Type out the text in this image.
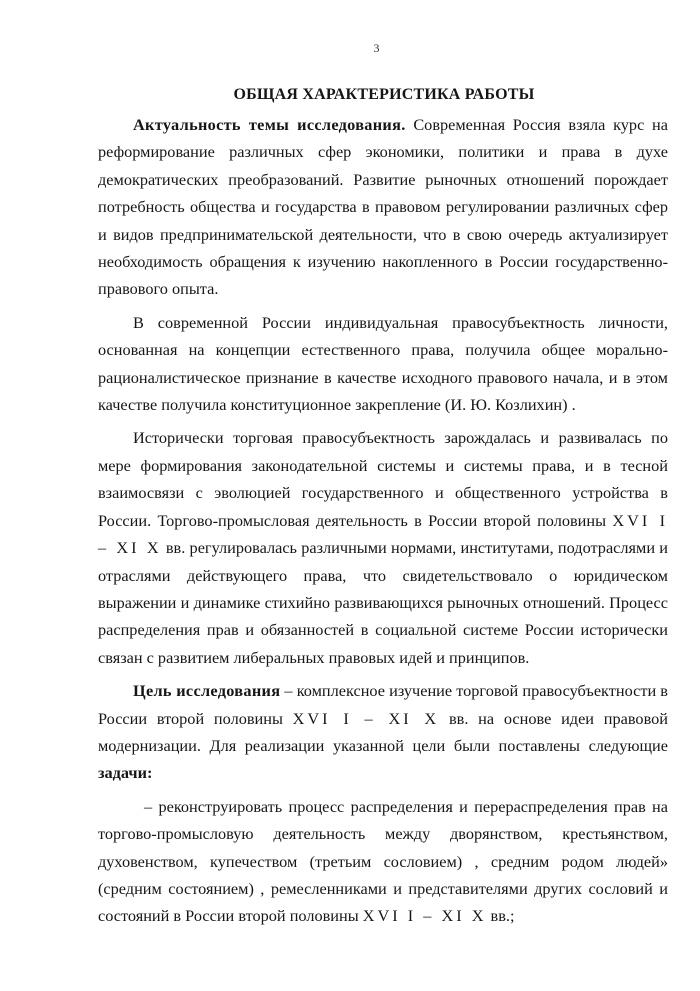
3
ОБЩАЯ ХАРАКТЕРИСТИКА РАБОТЫ

Актуальность темы исследования. Современная Россия взяла курс на реформирование различных сфер экономики, политики и права в духе демократических преобразований. Развитие рыночных отношений порождает потребность общества и государства в правовом регулировании различных сфер и видов предпринимательской деятельности, что в свою очередь актуализирует необходимость обращения к изучению накопленного в России государственно-правового опыта.

В современной России индивидуальная правосубъектность личности, основанная на концепции естественного права, получила общее морально-рационалистическое признание в качестве исходного правового начала, и в этом качестве получила конституционное закрепление (И. Ю. Козлихин) .

Исторически торговая правосубъектность зарождалась и развивалась по мере формирования законодательной системы и системы права, и в тесной взаимосвязи с эволюцией государственного и общественного устройства в России. Торгово-промысловая деятельность в России второй половины XVI I – XI X вв. регулировалась различными нормами, институтами, подотраслями и отраслями действующего права, что свидетельствовало о юридическом выражении и динамике стихийно развивающихся рыночных отношений. Процесс распределения прав и обязанностей в социальной системе России исторически связан с развитием либеральных правовых идей и принципов.

Цель исследования – комплексное изучение торговой правосубъектности в России второй половины XVI I – XI X вв. на основе идеи правовой модернизации. Для реализации указанной цели были поставлены следующие задачи:

– реконструировать процесс распределения и перераспределения прав на торгово-промысловую деятельность между дворянством, крестьянством, духовенством, купечеством (третьим сословием) , средним родом людей» (средним состоянием) , ремесленниками и представителями других сословий и состояний в России второй половины XVI I – XI X вв.;
